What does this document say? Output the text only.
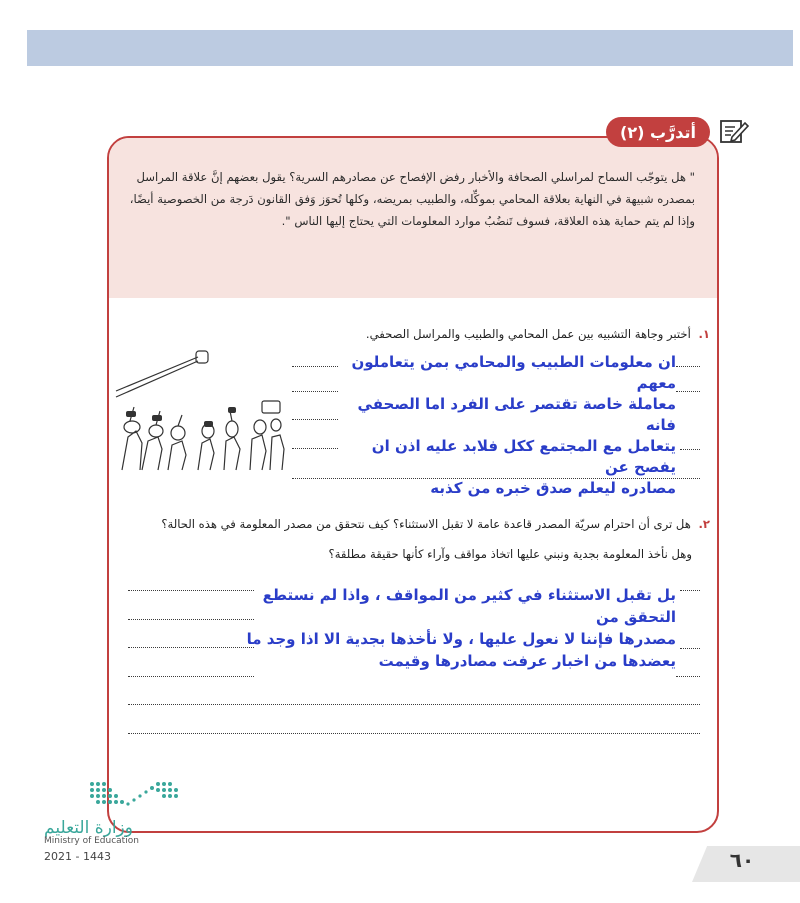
" هل يتوجّب السماح لمراسلي الصحافة والأخبار رفض الإفصاح عن مصادرهم السرية؟ يقول بعضهم إنَّ علاقة المراسل
بمصدره شبيهة في النهاية بعلاقة المحامي بموكِّله، والطبيب بمريضه، وكلها تُحوَز وَفق القانون دَرجة من الخصوصية أيضًا،
وإذا لم يتم حماية هذه العلاقة، فسوف تَنضُبُ موارد المعلومات التي يحتاج إليها الناس ".
أتدرَّب (٢)
١. أختبر وجاهة التشبيه بين عمل المحامي والطبيب والمراسل الصحفي.
ان معلومات الطبيب والمحامي بمن يتعاملون معهم
معاملة خاصة تقتصر على الفرد اما الصحفي فانه
يتعامل مع المجتمع ككل فلابد عليه اذن ان يفصح عن
مصادره ليعلم صدق خبره من كذبه
٢. هل ترى أن احترام سريّة المصدر قاعدة عامة لا تقبل الاستثناء؟ كيف نتحقق من مصدر المعلومة في هذه الحالة؟
وهل نأخذ المعلومة بجدية ونبني عليها اتخاذ مواقف وآراء كأنها حقيقة مطلقة؟
بل تقبل الاستثناء في كثير من المواقف ، واذا لم نستطع التحقق من
مصدرها فإننا لا نعول عليها ، ولا نأخذها بجدية الا اذا وجد ما
يعضدها من اخبار عرفت مصادرها وقيمت
وزارة التعليم
Ministry of Education
2021 - 1443	٦٠
